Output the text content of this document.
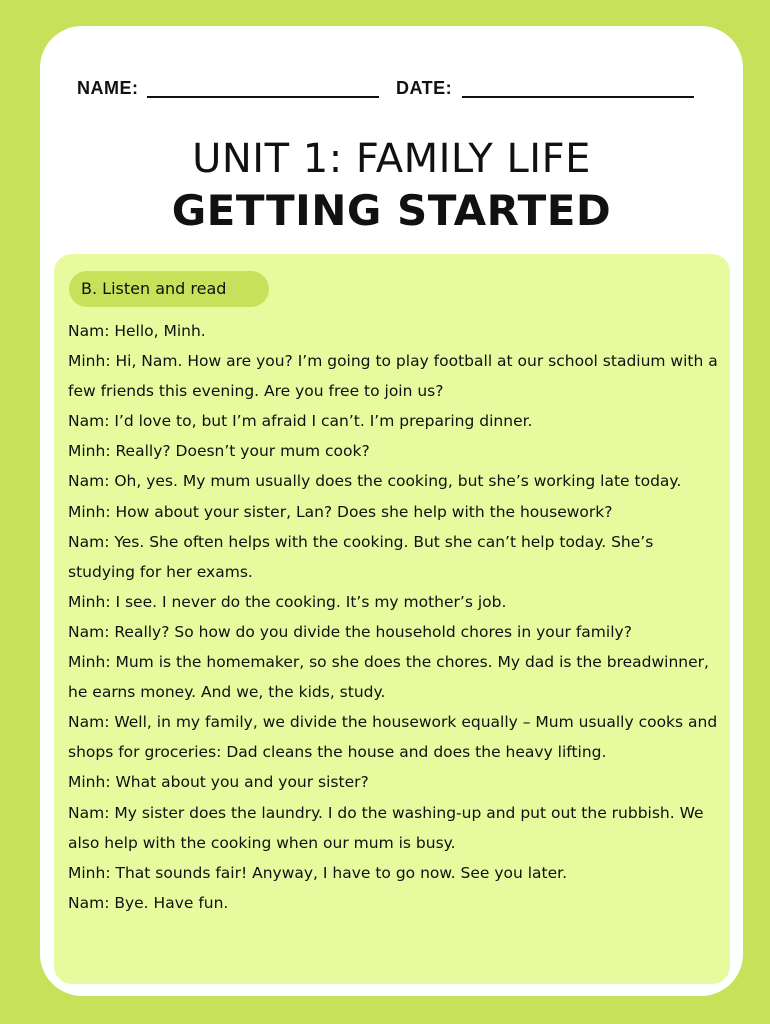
NAME:	DATE:
UNIT 1: FAMILY LIFE
GETTING STARTED
B. Listen and read

Nam: Hello, Minh.

Minh: Hi, Nam. How are you? I’m going to play football at our school stadium with a few friends this evening. Are you free to join us?

Nam: I’d love to, but I’m afraid I can’t. I’m preparing dinner.

Minh: Really? Doesn’t your mum cook?

Nam: Oh, yes. My mum usually does the cooking, but she’s working late today.

Minh: How about your sister, Lan? Does she help with the housework?

Nam: Yes. She often helps with the cooking. But she can’t help today. She’s studying for her exams.

Minh: I see. I never do the cooking. It’s my mother’s job.

Nam: Really? So how do you divide the household chores in your family?

Minh: Mum is the homemaker, so she does the chores. My dad is the breadwinner, he earns money. And we, the kids, study.

Nam: Well, in my family, we divide the housework equally – Mum usually cooks and shops for groceries: Dad cleans the house and does the heavy lifting.

Minh: What about you and your sister?

Nam: My sister does the laundry. I do the washing-up and put out the rubbish. We also help with the cooking when our mum is busy.

Minh: That sounds fair! Anyway, I have to go now. See you later.

Nam: Bye. Have fun.
